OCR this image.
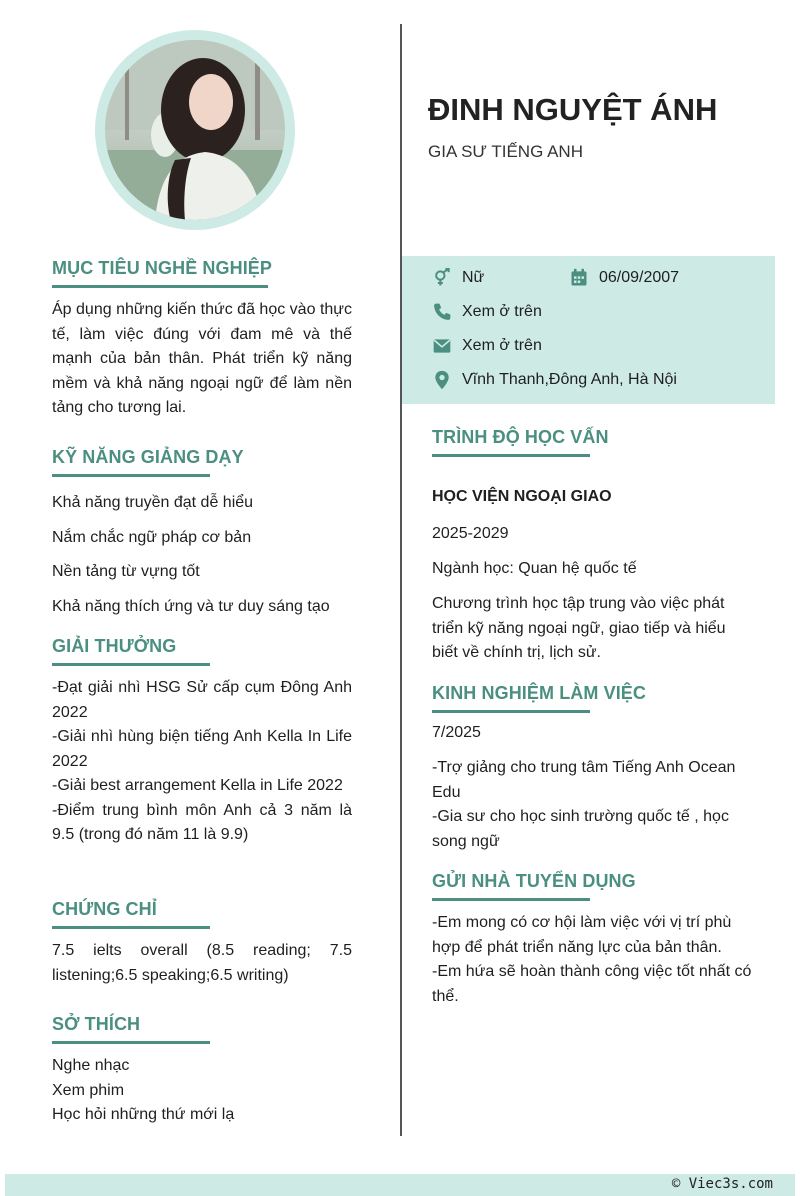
ĐINH NGUYỆT ÁNH

GIA SƯ TIẾNG ANH

Nữ	06/09/2007
Xem ở trên
Xem ở trên
Vĩnh Thanh,Đông Anh, Hà Nội
MỤC TIÊU NGHỀ NGHIỆP

Áp dụng những kiến thức đã học vào thực tế, làm việc đúng với đam mê và thế mạnh của bản thân. Phát triển kỹ năng mềm và khả năng ngoại ngữ để làm nền tảng cho tương lai.

KỸ NĂNG GIẢNG DẠY

Khả năng truyền đạt dễ hiểu

Nắm chắc ngữ pháp cơ bản

Nền tảng từ vựng tốt

Khả năng thích ứng và tư duy sáng tạo

GIẢI THƯỞNG

-Đạt giải nhì HSG Sử cấp cụm Đông Anh 2022

-Giải nhì hùng biện tiếng Anh Kella In Life 2022

-Giải best arrangement Kella in Life 2022

-Điểm trung bình môn Anh cả 3 năm là 9.5 (trong đó năm 11 là 9.9)

CHỨNG CHỈ

7.5 ielts overall (8.5 reading; 7.5 listening;6.5 speaking;6.5 writing)

SỞ THÍCH

Nghe nhạc

Xem phim

Học hỏi những thứ mới lạ

TRÌNH ĐỘ HỌC VẤN

HỌC VIỆN NGOẠI GIAO

2025-2029

Ngành học: Quan hệ quốc tế

Chương trình học tập trung vào việc phát triển kỹ năng ngoại ngữ, giao tiếp và hiểu biết về chính trị, lịch sử.

KINH NGHIỆM LÀM VIỆC

7/2025

-Trợ giảng cho trung tâm Tiếng Anh Ocean Edu
-Gia sư cho học sinh trường quốc tế , học song ngữ

GỬI NHÀ TUYỂN DỤNG

-Em mong có cơ hội làm việc với vị trí phù hợp để phát triển năng lực của bản thân.
-Em hứa sẽ hoàn thành công việc tốt nhất có thể.

© Viec3s.com
